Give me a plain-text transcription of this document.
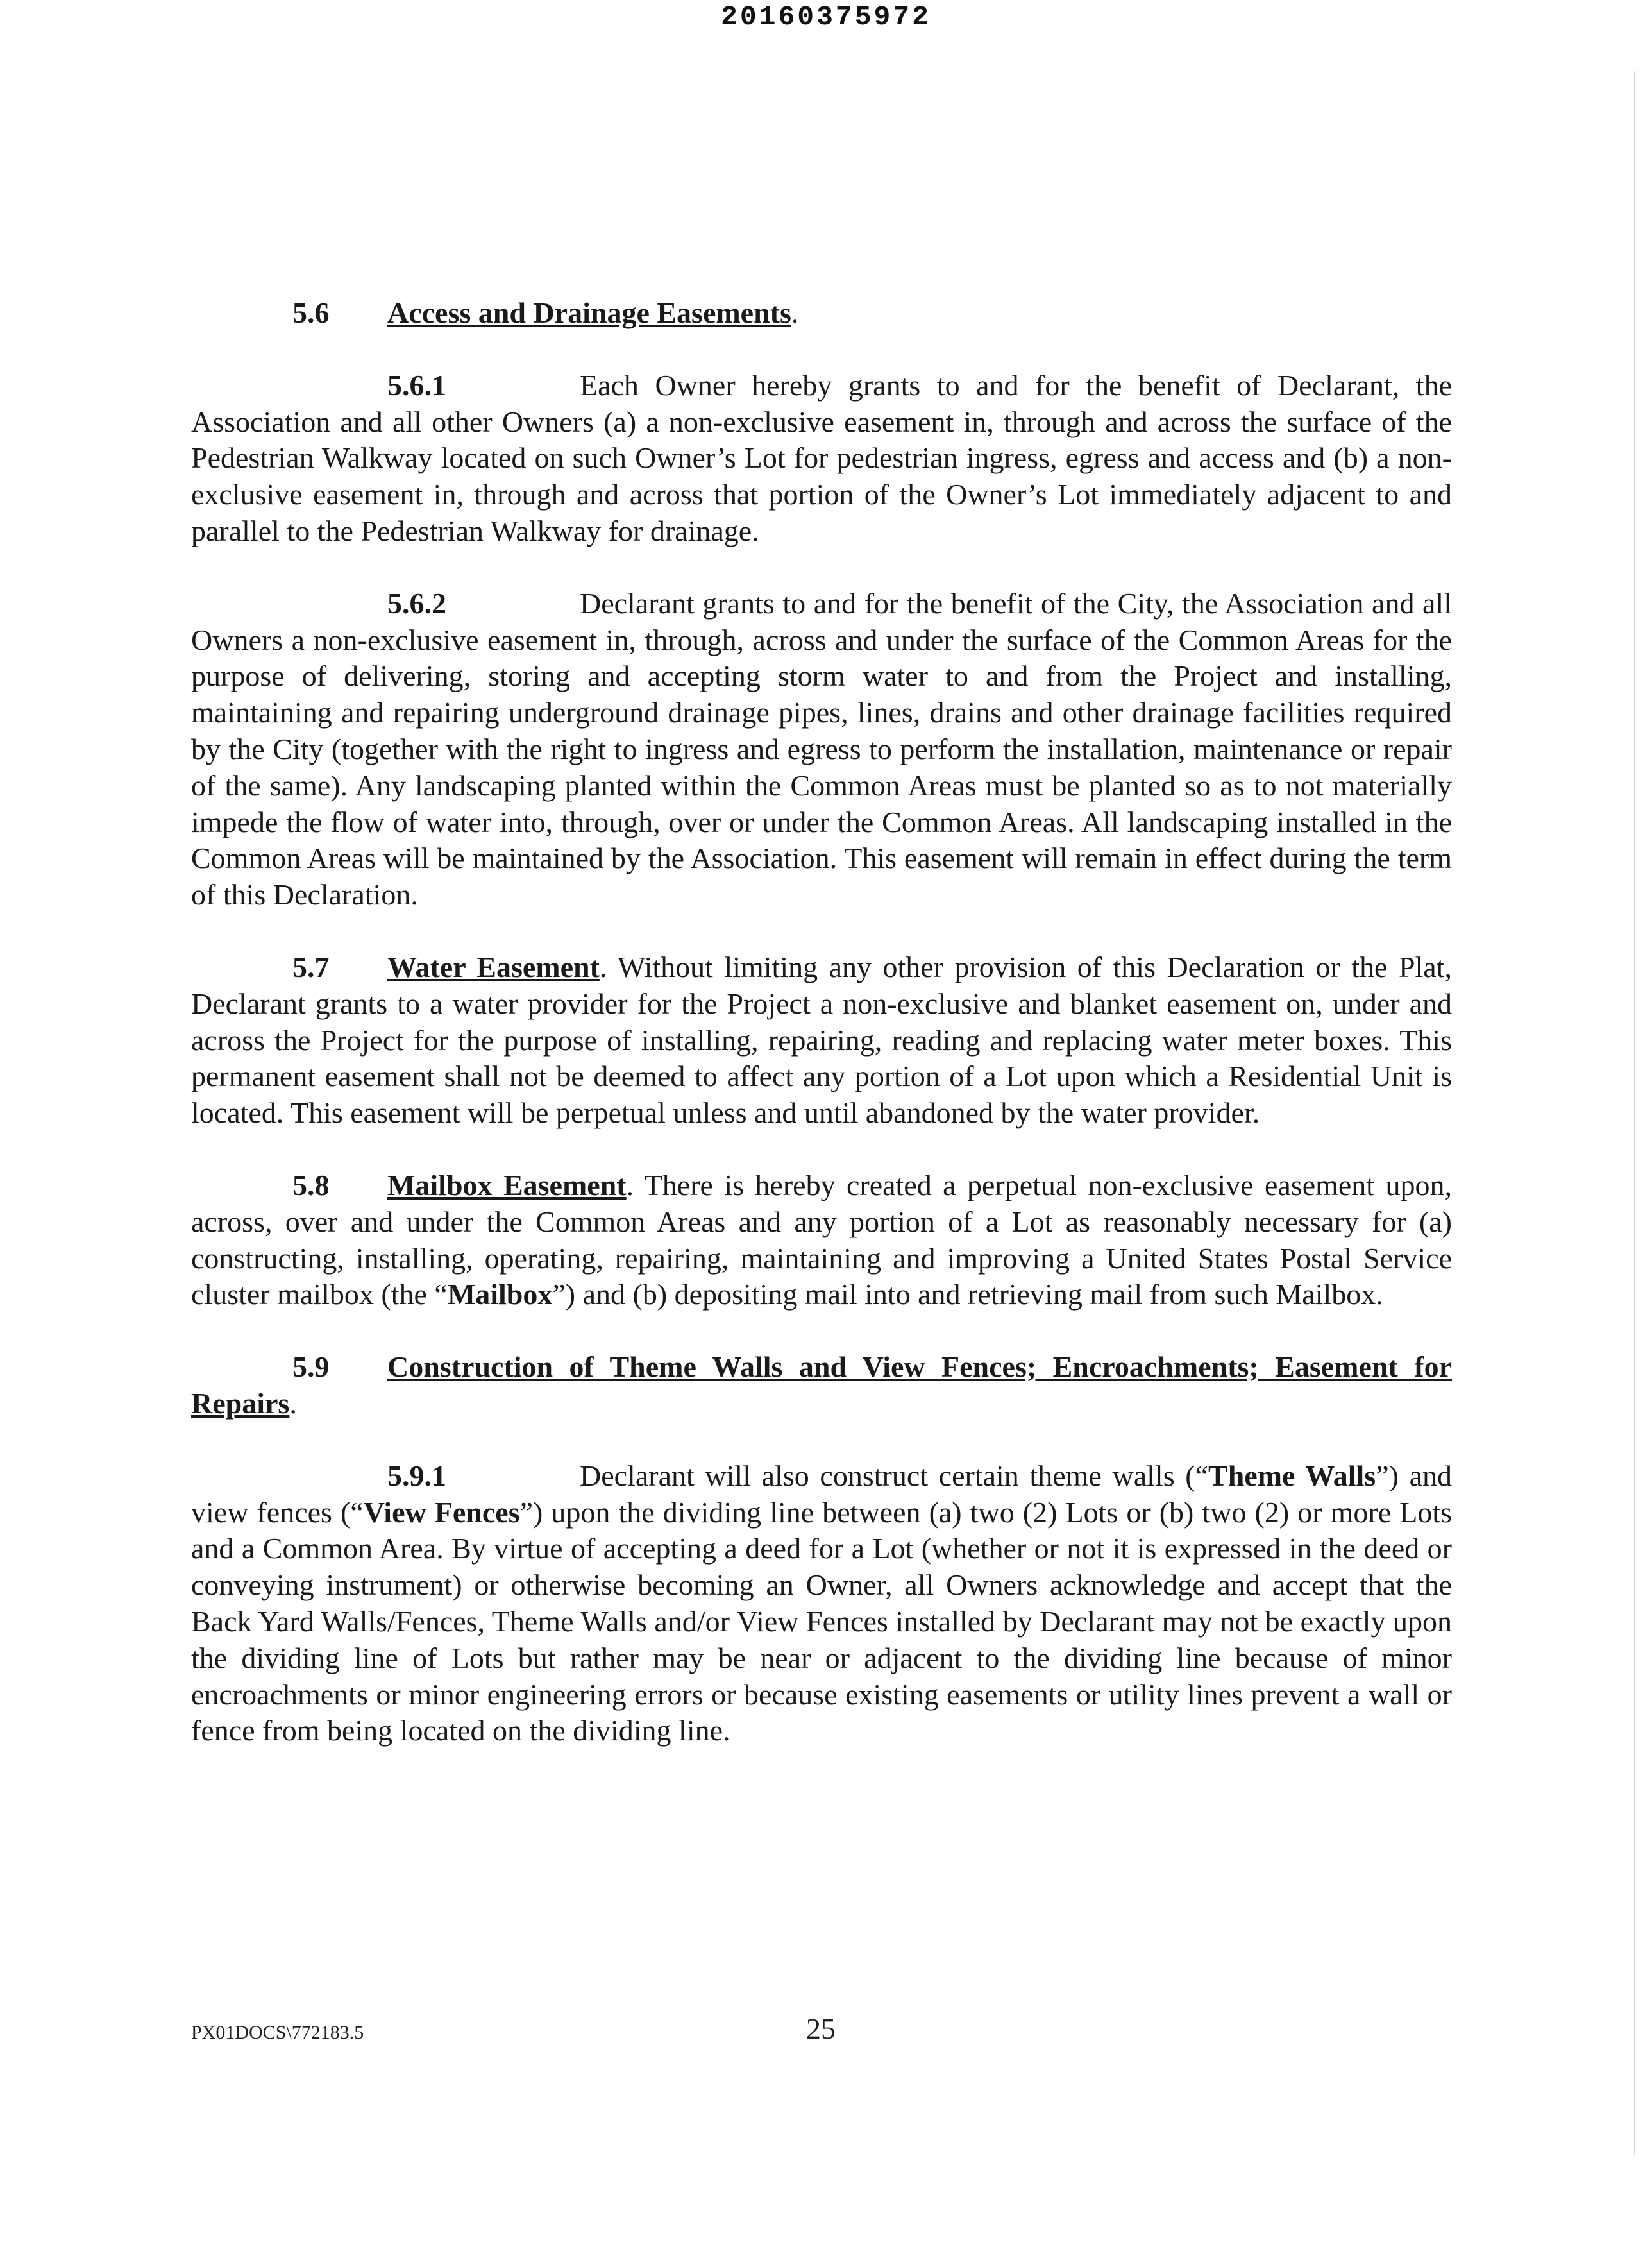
20160375972

5.6 Access and Drainage Easements.

5.6.1	Each Owner hereby grants to and for the benefit of Declarant, the Association and all other Owners (a) a non-exclusive easement in, through and across the surface of the Pedestrian Walkway located on such Owner’s Lot for pedestrian ingress, egress and access and (b) a non-exclusive easement in, through and across that portion of the Owner’s Lot immediately adjacent to and parallel to the Pedestrian Walkway for drainage.

5.6.2	Declarant grants to and for the benefit of the City, the Association and all Owners a non-exclusive easement in, through, across and under the surface of the Common Areas for the purpose of delivering, storing and accepting storm water to and from the Project and installing, maintaining and repairing underground drainage pipes, lines, drains and other drainage facilities required by the City (together with the right to ingress and egress to perform the installation, maintenance or repair of the same). Any landscaping planted within the Common Areas must be planted so as to not materially impede the flow of water into, through, over or under the Common Areas. All landscaping installed in the Common Areas will be maintained by the Association. This easement will remain in effect during the term of this Declaration.

5.7 Water Easement. Without limiting any other provision of this Declaration or the Plat, Declarant grants to a water provider for the Project a non-exclusive and blanket easement on, under and across the Project for the purpose of installing, repairing, reading and replacing water meter boxes. This permanent easement shall not be deemed to affect any portion of a Lot upon which a Residential Unit is located. This easement will be perpetual unless and until abandoned by the water provider.

5.8 Mailbox Easement. There is hereby created a perpetual non-exclusive easement upon, across, over and under the Common Areas and any portion of a Lot as reasonably necessary for (a) constructing, installing, operating, repairing, maintaining and improving a United States Postal Service cluster mailbox (the “Mailbox”) and (b) depositing mail into and retrieving mail from such Mailbox.

5.9 Construction of Theme Walls and View Fences; Encroachments; Easement for Repairs.

5.9.1	Declarant will also construct certain theme walls (“Theme Walls”) and view fences (“View Fences”) upon the dividing line between (a) two (2) Lots or (b) two (2) or more Lots and a Common Area. By virtue of accepting a deed for a Lot (whether or not it is expressed in the deed or conveying instrument) or otherwise becoming an Owner, all Owners acknowledge and accept that the Back Yard Walls/Fences, Theme Walls and/or View Fences installed by Declarant may not be exactly upon the dividing line of Lots but rather may be near or adjacent to the dividing line because of minor encroachments or minor engineering errors or because existing easements or utility lines prevent a wall or fence from being located on the dividing line.

PX01DOCS\772183.5	25
